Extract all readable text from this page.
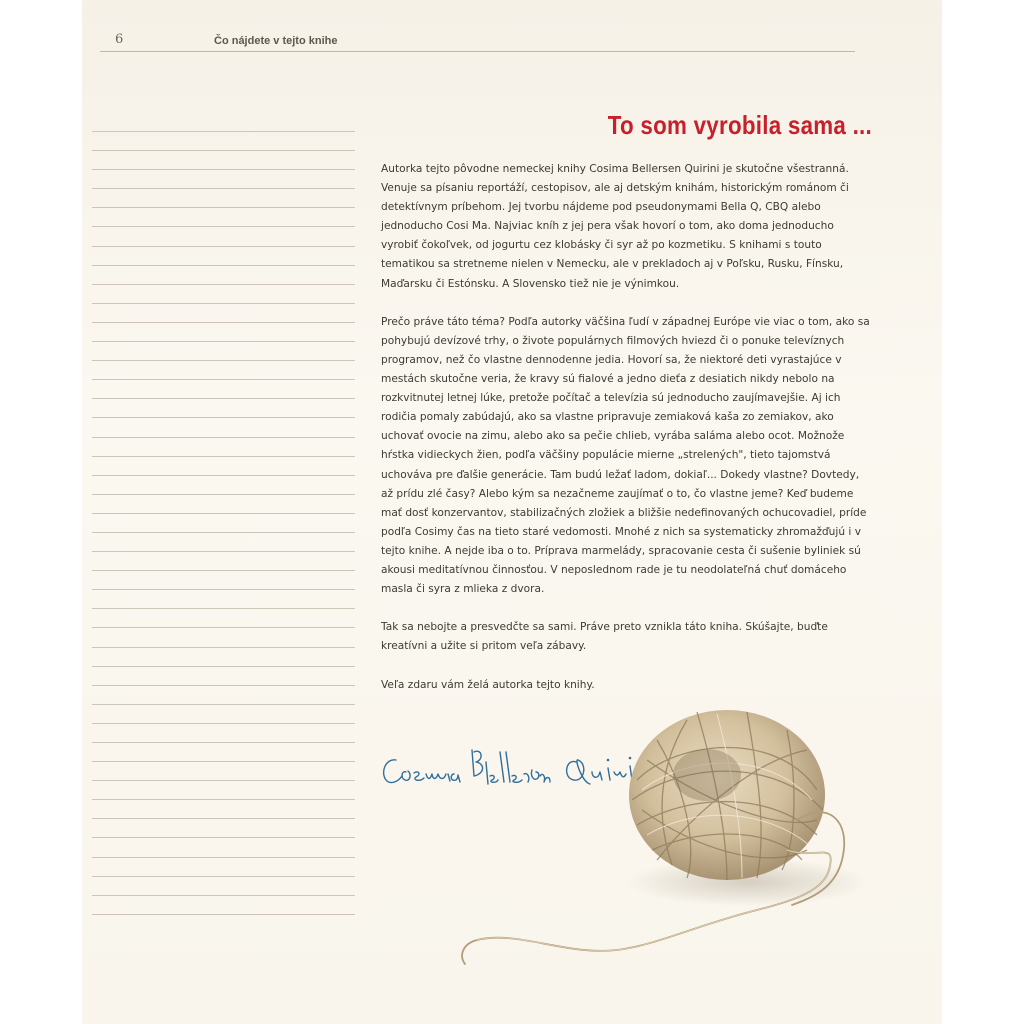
6	Čo nájdete v tejto knihe
To som vyrobila sama ...

Autorka tejto pôvodne nemeckej knihy Cosima Bellersen Quirini je skutočne všestranná. Venuje sa písaniu reportáží, cestopisov, ale aj detským knihám, historickým románom či detektívnym príbehom. Jej tvorbu nájdeme pod pseudonymami Bella Q, CBQ alebo jednoducho Cosi Ma. Najviac kníh z jej pera však hovorí o tom, ako doma jednoducho vyrobiť čokoľvek, od jogurtu cez klobásky či syr až po kozmetiku. S knihami s touto tematikou sa stretneme nielen v Nemecku, ale v prekladoch aj v Poľsku, Rusku, Fínsku, Maďarsku či Estónsku. A Slovensko tiež nie je výnimkou.

Prečo práve táto téma? Podľa autorky väčšina ľudí v západnej Európe vie viac o tom, ako sa pohybujú devízové trhy, o živote populárnych filmových hviezd či o ponuke televíznych programov, než čo vlastne dennodenne jedia. Hovorí sa, že niektoré deti vyrastajúce v mestách skutočne veria, že kravy sú fialové a jedno dieťa z desiatich nikdy nebolo na rozkvitnutej letnej lúke, pretože počítač a televízia sú jednoducho zaujímavejšie. Aj ich rodičia pomaly zabúdajú, ako sa vlastne pripravuje zemiaková kaša zo zemiakov, ako uchovať ovocie na zimu, alebo ako sa pečie chlieb, vyrába saláma alebo ocot. Možnože hŕstka vidieckych žien, podľa väčšiny populácie mierne „strelených", tieto tajomstvá uchováva pre ďalšie generácie. Tam budú ležať ladom, dokiaľ... Dokedy vlastne? Dovtedy, až prídu zlé časy? Alebo kým sa nezačneme zaujímať o to, čo vlastne jeme? Keď budeme mať dosť konzervantov, stabilizačných zložiek a bližšie nedefinovaných ochucovadiel, príde podľa Cosimy čas na tieto staré vedomosti. Mnohé z nich sa systematicky zhromažďujú i v tejto knihe. A nejde iba o to. Príprava marmelády, spracovanie cesta či sušenie byliniek sú akousi meditatívnou činnosťou. V neposlednom rade je tu neodolateľná chuť domáceho masla či syra z mlieka z dvora.

Tak sa nebojte a presvedčte sa sami. Práve preto vznikla táto kniha. Skúšajte, buďte kreatívni a užite si pritom veľa zábavy.

Veľa zdaru vám želá autorka tejto knihy.
